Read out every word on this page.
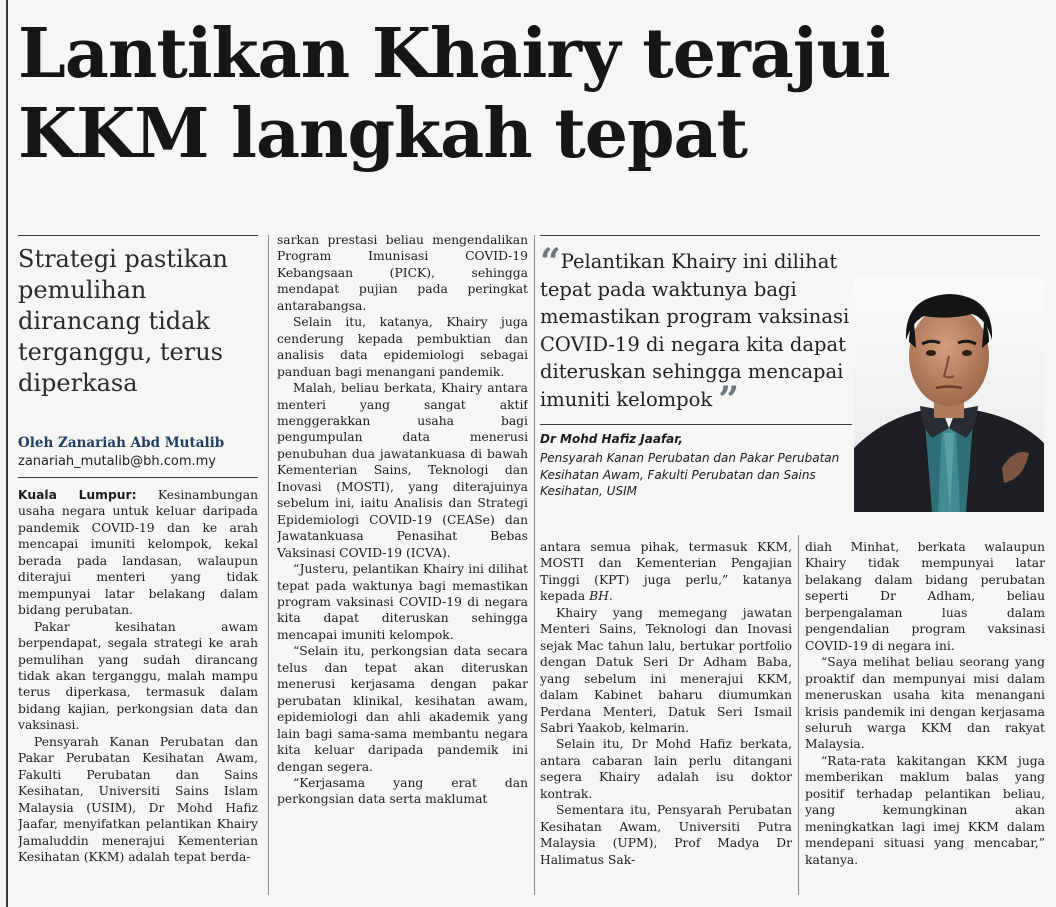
Lantikan Khairy terajui
KKM langkah tepat
Strategi pastikan pemulihan dirancang tidak terganggu, terus diperkasa
Oleh Zanariah Abd Mutalib
zanariah_mutalib@bh.com.my

Kuala Lumpur: Kesinambungan usaha negara untuk keluar daripada pandemik COVID-19 dan ke arah mencapai imuniti kelompok, kekal berada pada landasan, walaupun diterajui menteri yang tidak mempunyai latar belakang dalam bidang perubatan.

Pakar kesihatan awam berpendapat, segala strategi ke arah pemulihan yang sudah dirancang tidak akan terganggu, malah mampu terus diperkasa, termasuk dalam bidang kajian, perkongsian data dan vaksinasi.

Pensyarah Kanan Perubatan dan Pakar Perubatan Kesihatan Awam, Fakulti Perubatan dan Sains Kesihatan, Universiti Sains Islam Malaysia (USIM), Dr Mohd Hafiz Jaafar, menyifatkan pelantikan Khairy Jamaluddin menerajui Kementerian Kesihatan (KKM) adalah tepat berda-

sarkan prestasi beliau mengendalikan Program Imunisasi COVID-19 Kebangsaan (PICK), sehingga mendapat pujian pada peringkat antarabangsa.

Selain itu, katanya, Khairy juga cenderung kepada pembuktian dan analisis data epidemiologi sebagai panduan bagi menangani pandemik.

Malah, beliau berkata, Khairy antara menteri yang sangat aktif menggerakkan usaha bagi pengumpulan data menerusi penubuhan dua jawatankuasa di bawah Kementerian Sains, Teknologi dan Inovasi (MOSTI), yang diterajuinya sebelum ini, iaitu Analisis dan Strategi Epidemiologi COVID-19 (CEASe) dan Jawatankuasa Penasihat Bebas Vaksinasi COVID-19 (ICVA).

“Justeru, pelantikan Khairy ini dilihat tepat pada waktunya bagi memastikan program vaksinasi COVID-19 di negara kita dapat diteruskan sehingga mencapai imuniti kelompok.

“Selain itu, perkongsian data secara telus dan tepat akan diteruskan menerusi kerjasama dengan pakar perubatan klinikal, kesihatan awam, epidemiologi dan ahli akademik yang lain bagi sama-sama membantu negara kita keluar daripada pandemik ini dengan segera.

“Kerjasama yang erat dan perkongsian data serta maklumat

“Pelantikan Khairy ini dilihat tepat pada waktunya bagi memastikan program vaksinasi COVID-19 di negara kita dapat diteruskan sehingga mencapai imuniti kelompok ”
Dr Mohd Hafiz Jaafar,
Pensyarah Kanan Perubatan dan Pakar Perubatan Kesihatan Awam, Fakulti Perubatan dan Sains Kesihatan, USIM

antara semua pihak, termasuk KKM, MOSTI dan Kementerian Pengajian Tinggi (KPT) juga perlu,” katanya kepada BH.

Khairy yang memegang jawatan Menteri Sains, Teknologi dan Inovasi sejak Mac tahun lalu, bertukar portfolio dengan Datuk Seri Dr Adham Baba, yang sebelum ini menerajui KKM, dalam Kabinet baharu diumumkan Perdana Menteri, Datuk Seri Ismail Sabri Yaakob, kelmarin.

Selain itu, Dr Mohd Hafiz berkata, antara cabaran lain perlu ditangani segera Khairy adalah isu doktor kontrak.

Sementara itu, Pensyarah Perubatan Kesihatan Awam, Universiti Putra Malaysia (UPM), Prof Madya Dr Halimatus Sak-

diah Minhat, berkata walaupun Khairy tidak mempunyai latar belakang dalam bidang perubatan seperti Dr Adham, beliau berpengalaman luas dalam pengendalian program vaksinasi COVID-19 di negara ini.

“Saya melihat beliau seorang yang proaktif dan mempunyai misi dalam meneruskan usaha kita menangani krisis pandemik ini dengan kerjasama seluruh warga KKM dan rakyat Malaysia.

“Rata-rata kakitangan KKM juga memberikan maklum balas yang positif terhadap pelantikan beliau, yang kemungkinan akan meningkatkan lagi imej KKM dalam mendepani situasi yang mencabar,” katanya.
